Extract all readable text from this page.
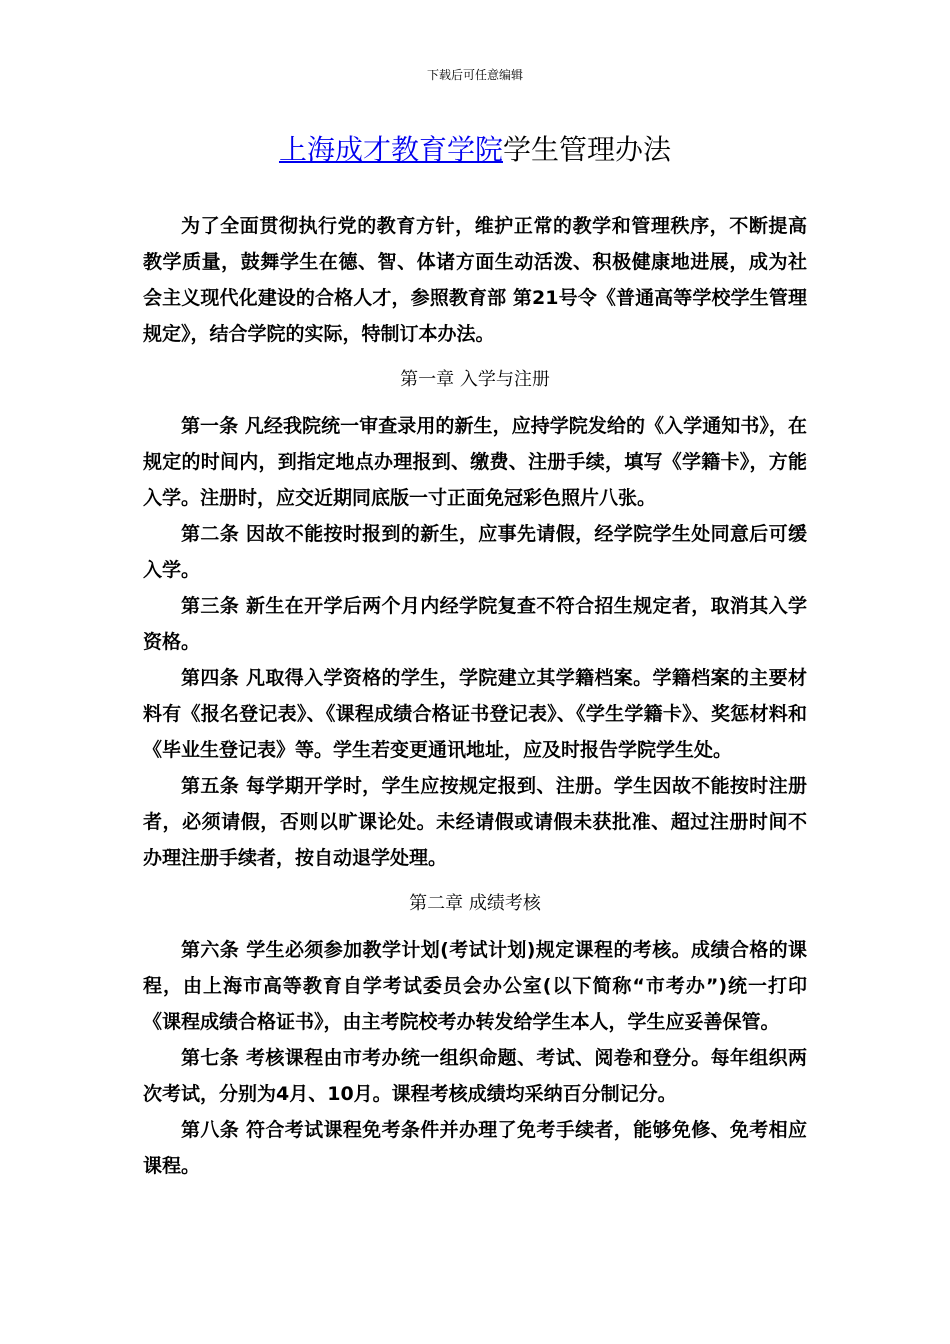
下载后可任意编辑
上海成才教育学院学生管理办法

为了全面贯彻执行党的教育方针，维护正常的教学和管理秩序，不断提高教学质量，鼓舞学生在德、智、体诸方面生动活泼、积极健康地进展，成为社会主义现代化建设的合格人才，参照教育部 第21号令《普通高等学校学生管理规定》，结合学院的实际，特制订本办法。

第一章 入学与注册

第一条 凡经我院统一审查录用的新生，应持学院发给的《入学通知书》，在规定的时间内，到指定地点办理报到、缴费、注册手续，填写《学籍卡》，方能入学。注册时，应交近期同底版一寸正面免冠彩色照片八张。

第二条 因故不能按时报到的新生，应事先请假，经学院学生处同意后可缓入学。

第三条 新生在开学后两个月内经学院复查不符合招生规定者，取消其入学资格。

第四条 凡取得入学资格的学生，学院建立其学籍档案。学籍档案的主要材料有《报名登记表》、《课程成绩合格证书登记表》、《学生学籍卡》、奖惩材料和《毕业生登记表》等。学生若变更通讯地址，应及时报告学院学生处。

第五条 每学期开学时，学生应按规定报到、注册。学生因故不能按时注册者，必须请假，否则以旷课论处。未经请假或请假未获批准、超过注册时间不办理注册手续者，按自动退学处理。

第二章 成绩考核

第六条 学生必须参加教学计划(考试计划)规定课程的考核。成绩合格的课程，由上海市高等教育自学考试委员会办公室(以下简称“市考办”)统一打印《课程成绩合格证书》，由主考院校考办转发给学生本人，学生应妥善保管。

第七条 考核课程由市考办统一组织命题、考试、阅卷和登分。每年组织两次考试，分别为4月、10月。课程考核成绩均采纳百分制记分。

第八条 符合考试课程免考条件并办理了免考手续者，能够免修、免考相应课程。
